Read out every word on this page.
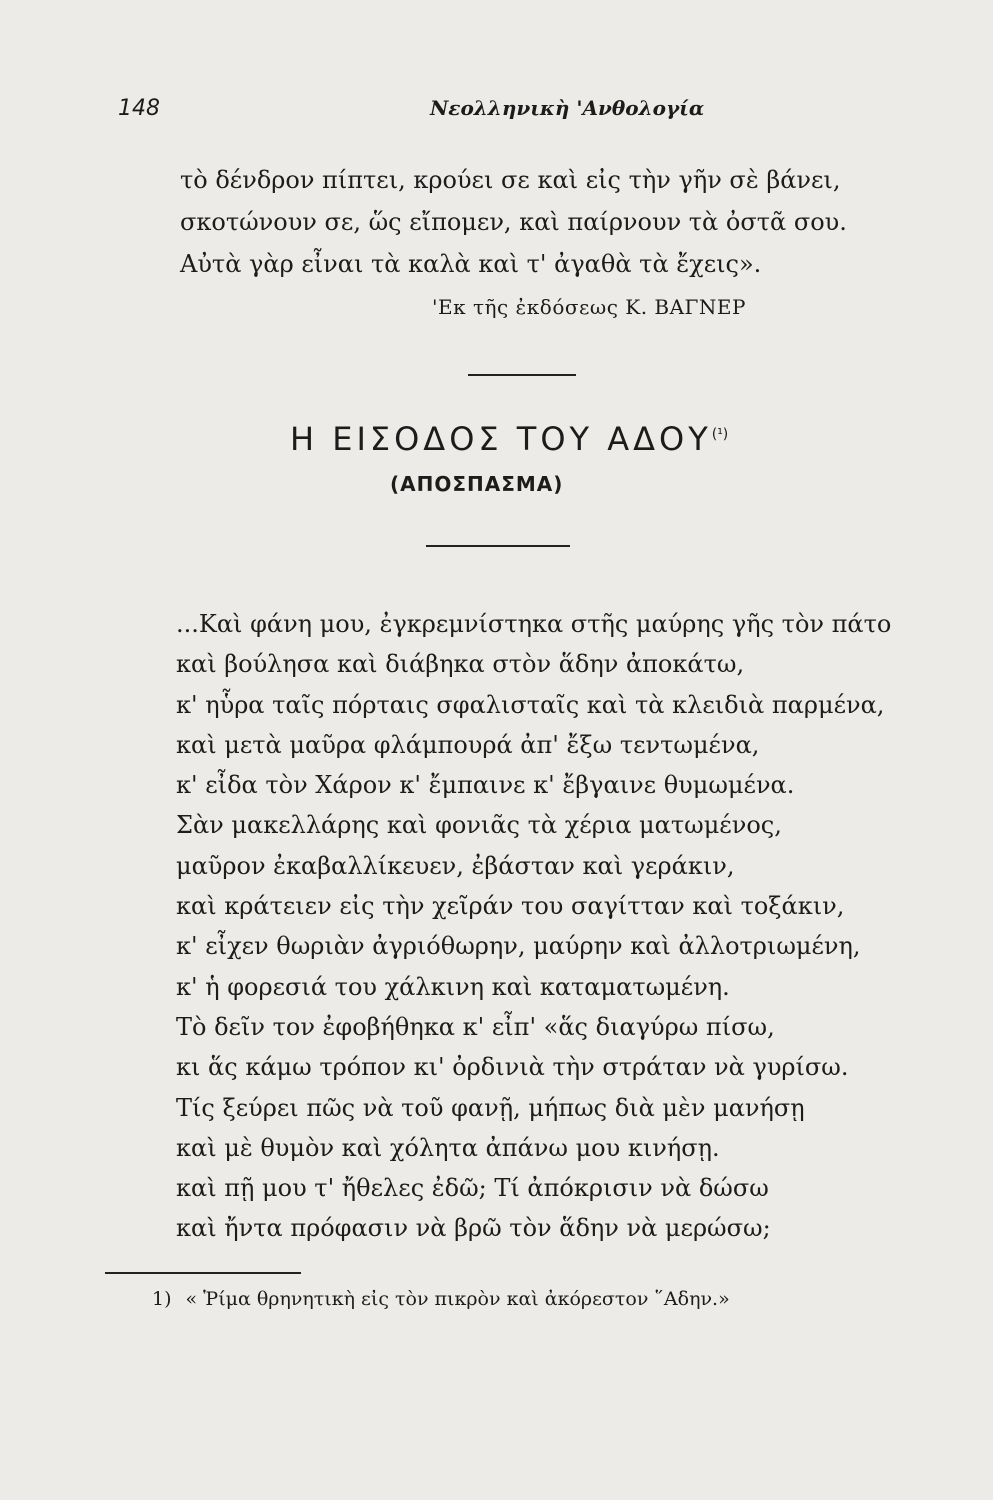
148	Νεολληνικὴ 'Ανθολογία
τὸ δένδρον πίπτει, κρούει σε καὶ εἰς τὴν γῆν σὲ βάνει,
σκοτώνουν σε, ὥς εἴπομεν, καὶ παίρνουν τὰ ὀστᾶ σου.
Αὐτὰ γὰρ εἶναι τὰ καλὰ καὶ τ' ἀγαθὰ τὰ ἔχεις».
'Εκ τῆς ἐκδόσεως Κ. ΒΑΓΝΕΡ
Η ΕΙΣΟΔΟΣ ΤΟΥ ΑΔΟΥ$^{(^1)}$
(ΑΠΟΣΠΑΣΜΑ)
...Καὶ φάνη μου, ἐγκρεμνίστηκα στῆς μαύρης γῆς τὸν πάτο
καὶ βούλησα καὶ διάβηκα στὸν ἅδην ἀποκάτω,
κ' ηὗρα ταῖς πόρταις σφαλισταῖς καὶ τὰ κλειδιὰ παρμένα,
καὶ μετὰ μαῦρα φλάμπουρά ἀπ' ἔξω τεντωμένα,
κ' εἶδα τὸν Χάρον κ' ἔμπαινε κ' ἔβγαινε θυμωμένα.
Σὰν μακελλάρης καὶ φονιᾶς τὰ χέρια ματωμένος,
μαῦρον ἐκαβαλλίκευεν, ἐβάσταν καὶ γεράκιν,
καὶ κράτειεν εἰς τὴν χεῖράν του σαγίτταν καὶ τοξάκιν,
κ' εἶχεν θωριὰν ἀγριόθωρην, μαύρην καὶ ἀλλοτριωμένη,
κ' ἡ φορεσιά του χάλκινη καὶ καταματωμένη.
Τὸ δεῖν τον ἐφοβήθηκα κ' εἶπ' «ἅς διαγύρω πίσω,
κι ἅς κάμω τρόπον κι' ὀρδινιὰ τὴν στράταν νὰ γυρίσω.
Τίς ξεύρει πῶς νὰ τοῦ φανῇ, μήπως διὰ μὲν μανήσῃ
καὶ μὲ θυμὸν καὶ χόλητα ἀπάνω μου κινήσῃ.
καὶ πῇ μου τ' ἤθελες ἐδῶ; Τί ἀπόκρισιν νὰ δώσω
καὶ ἤντα πρόφασιν νὰ βρῶ τὸν ἅδην νὰ μερώσω;
1) « Ῥίμα θρηνητικὴ εἰς τὸν πικρὸν καὶ ἀκόρεστον ῞Αδην.»
